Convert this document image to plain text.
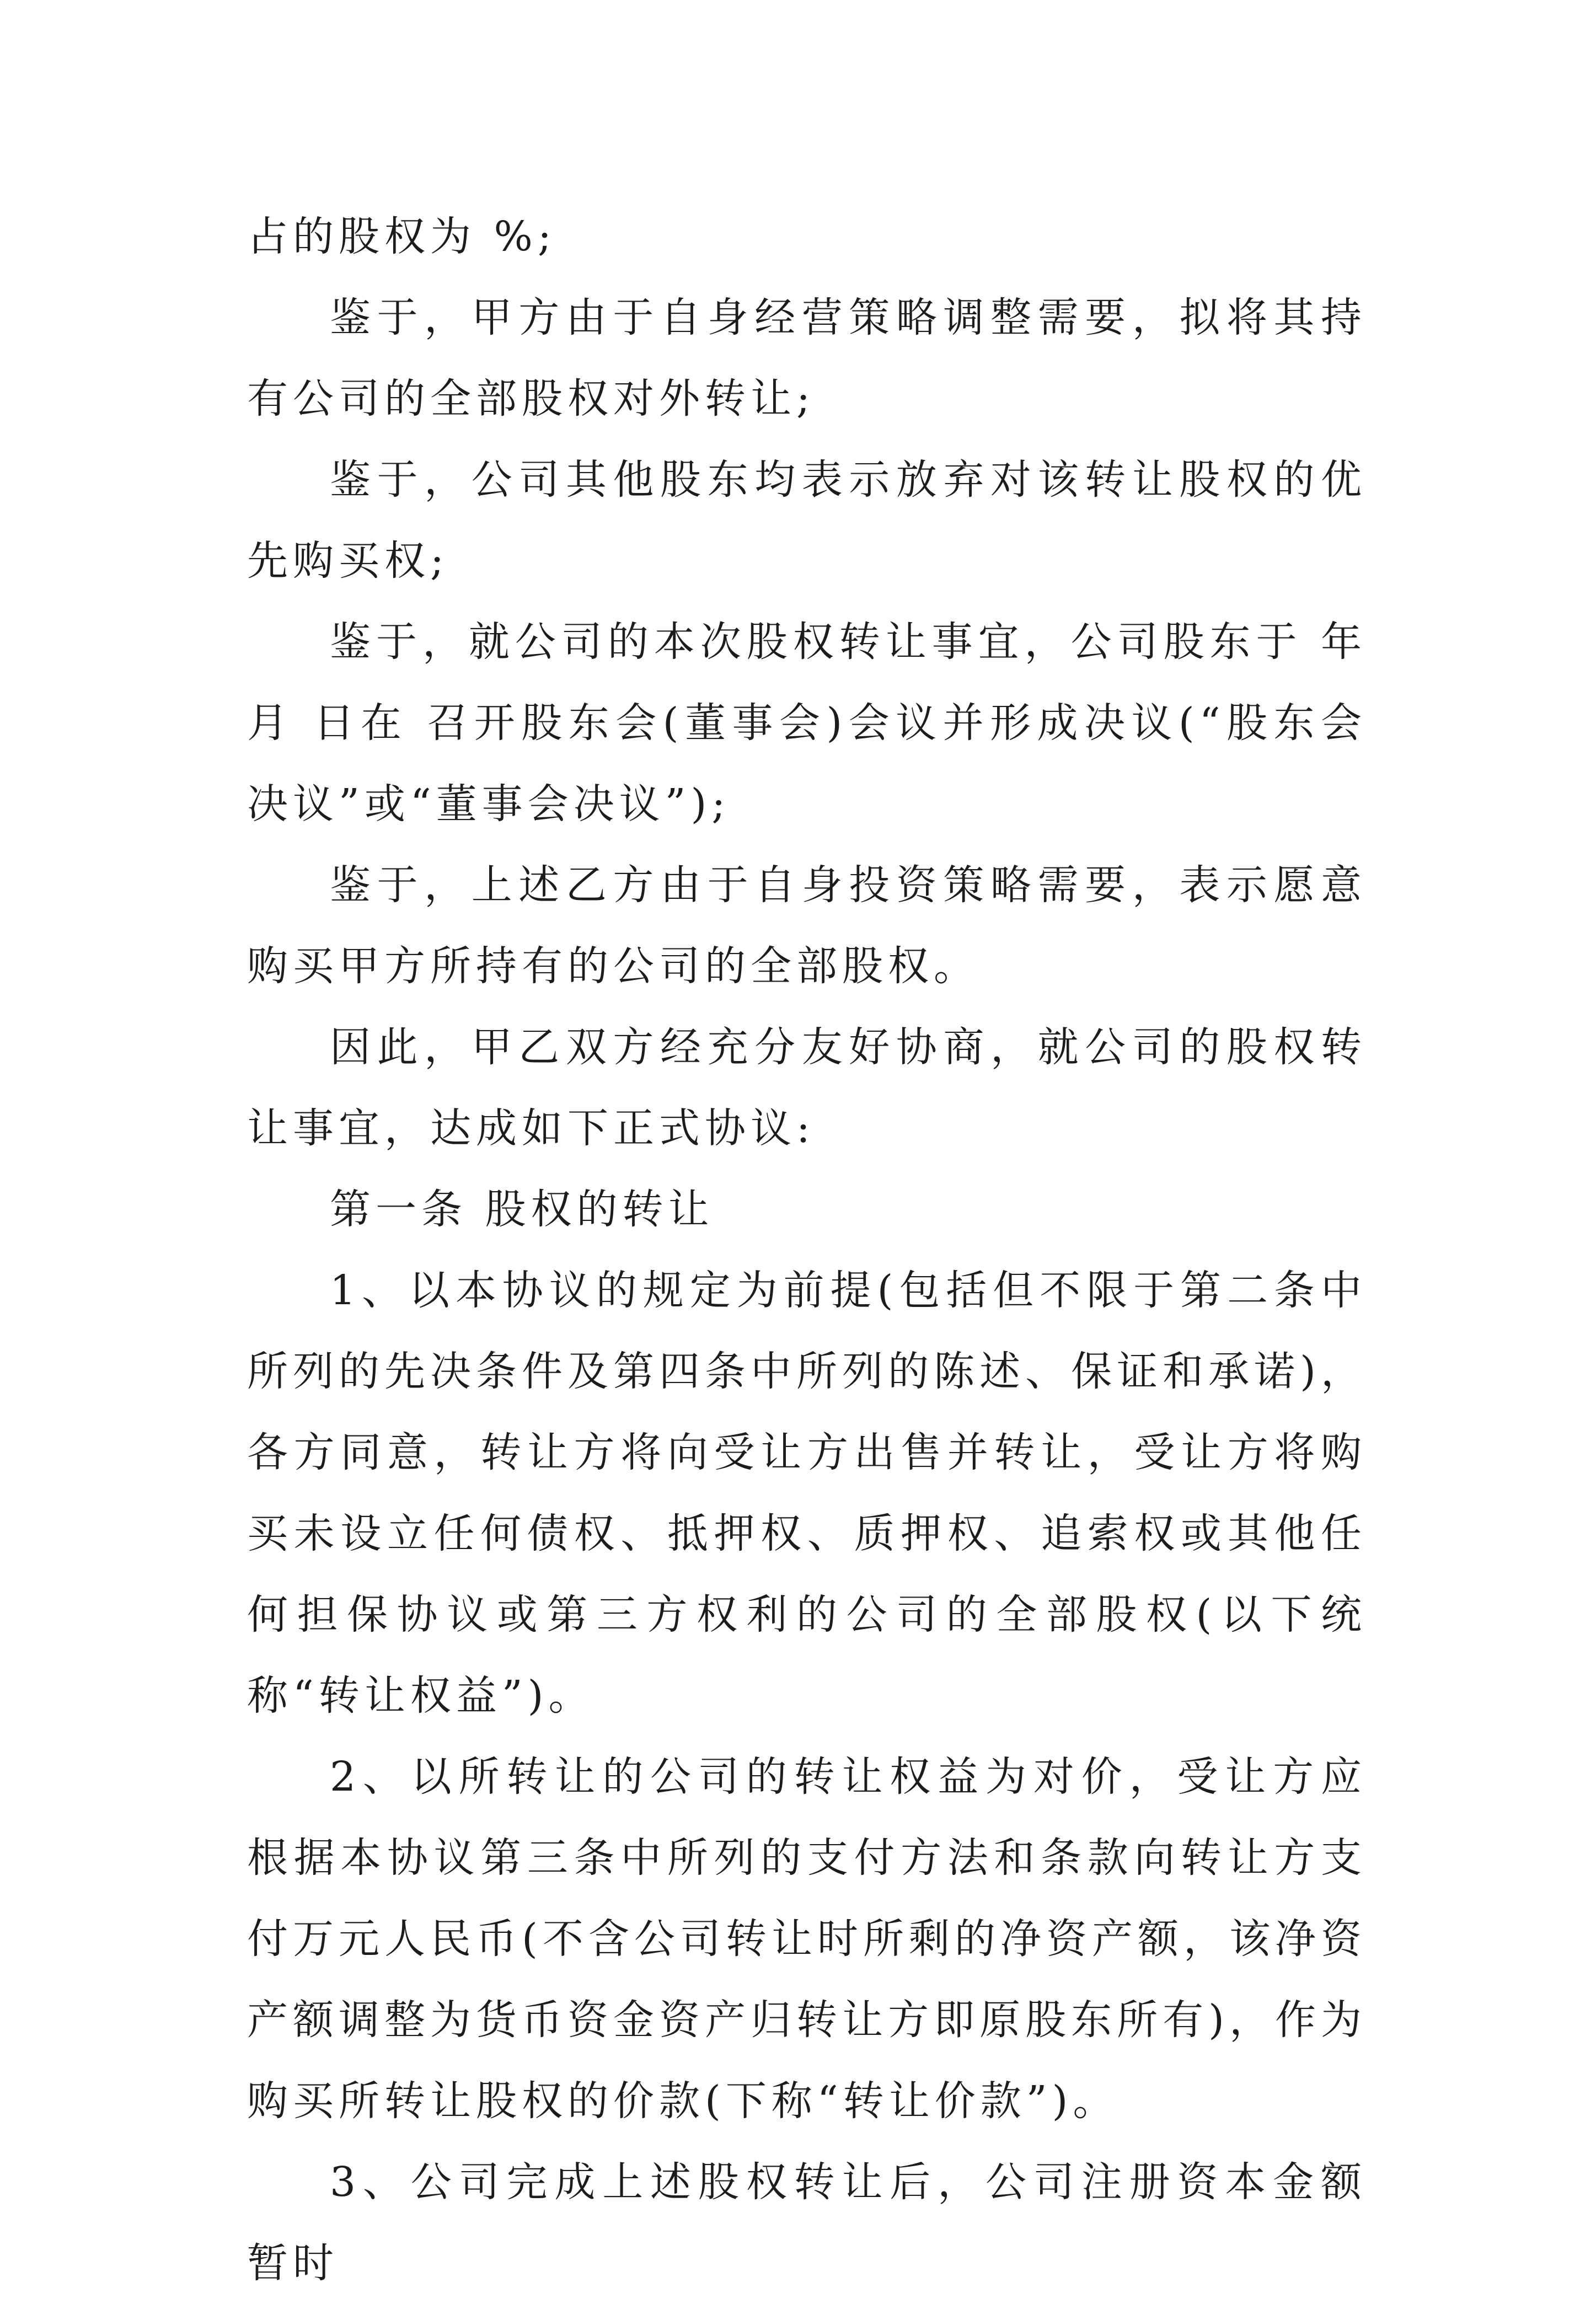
占的股权为 %;

鉴于，甲方由于自身经营策略调整需要，拟将其持有公司的全部股权对外转让;

鉴于，公司其他股东均表示放弃对该转让股权的优先购买权;

鉴于，就公司的本次股权转让事宜，公司股东于 年 月 日在 召开股东会(董事会)会议并形成决议(“股东会决议”或“董事会决议”);

鉴于，上述乙方由于自身投资策略需要，表示愿意购买甲方所持有的公司的全部股权。

因此，甲乙双方经充分友好协商，就公司的股权转让事宜，达成如下正式协议:

第一条 股权的转让

1、以本协议的规定为前提(包括但不限于第二条中所列的先决条件及第四条中所列的陈述、保证和承诺)，各方同意，转让方将向受让方出售并转让，受让方将购买未设立任何债权、抵押权、质押权、追索权或其他任何担保协议或第三方权利的公司的全部股权(以下统称“转让权益”)。

2、以所转让的公司的转让权益为对价，受让方应根据本协议第三条中所列的支付方法和条款向转让方支付万元人民币(不含公司转让时所剩的净资产额，该净资产额调整为货币资金资产归转让方即原股东所有)，作为购买所转让股权的价款(下称“转让价款”)。

3、公司完成上述股权转让后，公司注册资本金额暂时
